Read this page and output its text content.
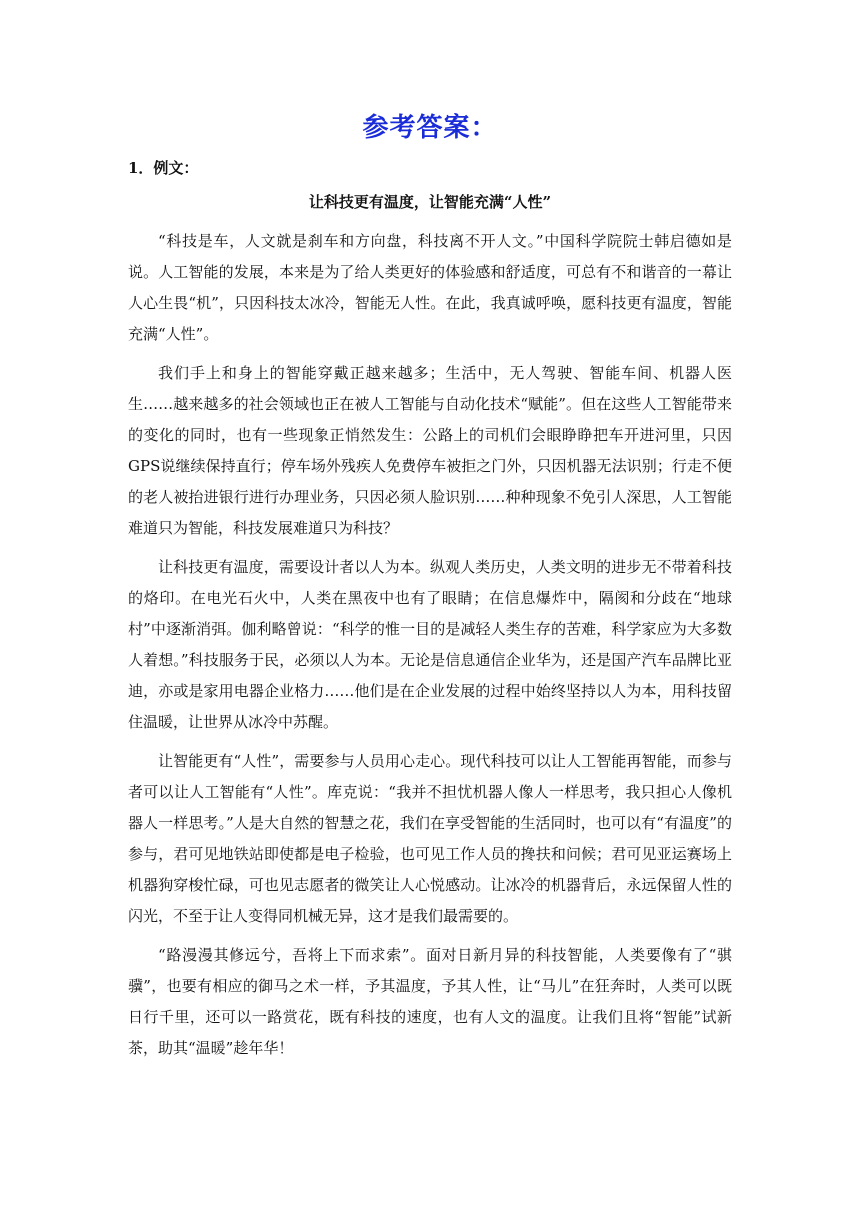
参考答案：
1．例文：
让科技更有温度，让智能充满“人性”

“科技是车，人文就是刹车和方向盘，科技离不开人文。”中国科学院院士韩启德如是说。人工智能的发展，本来是为了给人类更好的体验感和舒适度，可总有不和谐音的一幕让人心生畏“机”，只因科技太冰冷，智能无人性。在此，我真诚呼唤，愿科技更有温度，智能充满“人性”。

我们手上和身上的智能穿戴正越来越多；生活中，无人驾驶、智能车间、机器人医生……越来越多的社会领域也正在被人工智能与自动化技术“赋能”。但在这些人工智能带来的变化的同时，也有一些现象正悄然发生：公路上的司机们会眼睁睁把车开进河里，只因GPS说继续保持直行；停车场外残疾人免费停车被拒之门外，只因机器无法识别；行走不便的老人被抬进银行进行办理业务，只因必须人脸识别……种种现象不免引人深思，人工智能难道只为智能，科技发展难道只为科技？

让科技更有温度，需要设计者以人为本。纵观人类历史，人类文明的进步无不带着科技的烙印。在电光石火中，人类在黑夜中也有了眼睛；在信息爆炸中，隔阂和分歧在“地球村”中逐渐消弭。伽利略曾说：“科学的惟一目的是减轻人类生存的苦难，科学家应为大多数人着想。”科技服务于民，必须以人为本。无论是信息通信企业华为，还是国产汽车品牌比亚迪，亦或是家用电器企业格力……他们是在企业发展的过程中始终坚持以人为本，用科技留住温暖，让世界从冰冷中苏醒。

让智能更有“人性”，需要参与人员用心走心。现代科技可以让人工智能再智能，而参与者可以让人工智能有“人性”。库克说：“我并不担忧机器人像人一样思考，我只担心人像机器人一样思考。”人是大自然的智慧之花，我们在享受智能的生活同时，也可以有“有温度”的参与，君可见地铁站即使都是电子检验，也可见工作人员的搀扶和问候；君可见亚运赛场上机器狗穿梭忙碌，可也见志愿者的微笑让人心悦感动。让冰冷的机器背后，永远保留人性的闪光，不至于让人变得同机械无异，这才是我们最需要的。

“路漫漫其修远兮，吾将上下而求索”。面对日新月异的科技智能，人类要像有了“骐骥”，也要有相应的御马之术一样，予其温度，予其人性，让“马儿”在狂奔时，人类可以既日行千里，还可以一路赏花，既有科技的速度，也有人文的温度。让我们且将“智能”试新茶，助其“温暖”趁年华！
